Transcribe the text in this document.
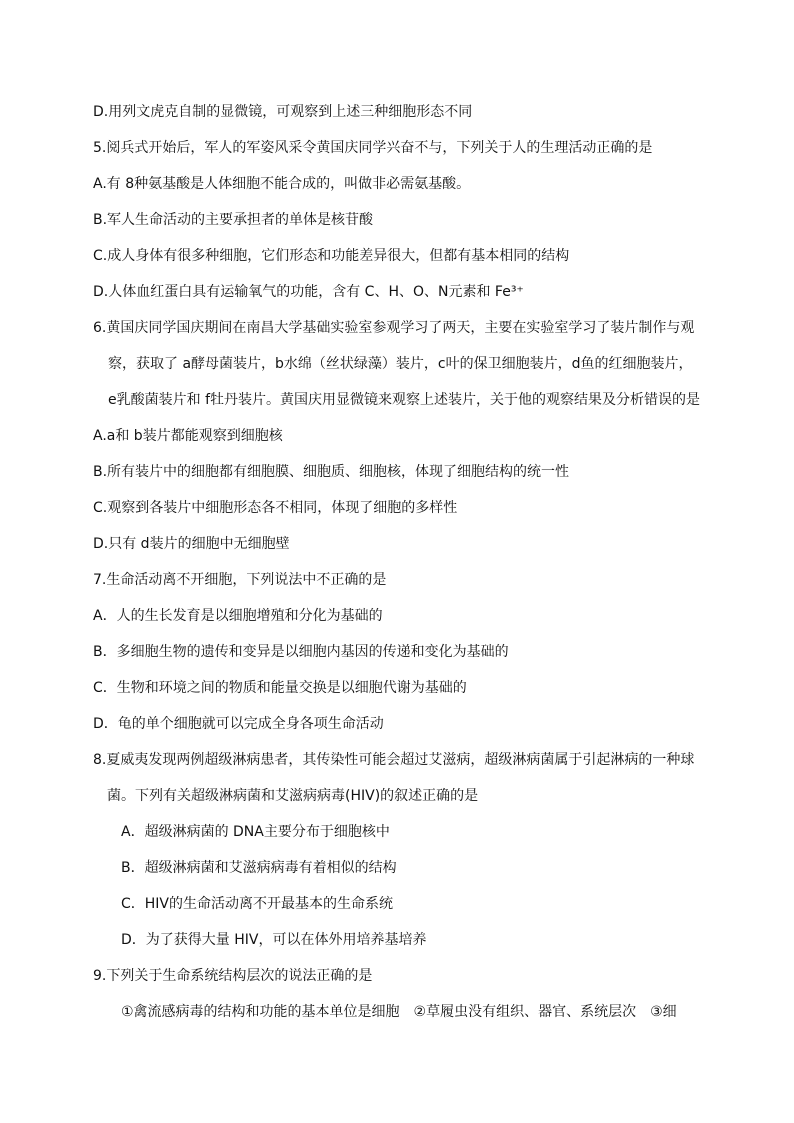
D.用列文虎克自制的显微镜，可观察到上述三种细胞形态不同
5.阅兵式开始后，军人的军姿风采令黄国庆同学兴奋不与，下列关于人的生理活动正确的是
A.有 8种氨基酸是人体细胞不能合成的，叫做非必需氨基酸。
B.军人生命活动的主要承担者的单体是核苷酸
C.成人身体有很多种细胞，它们形态和功能差异很大，但都有基本相同的结构
D.人体血红蛋白具有运输氧气的功能，含有 C、H、O、N元素和 Fe³⁺
6.黄国庆同学国庆期间在南昌大学基础实验室参观学习了两天，主要在实验室学习了装片制作与观
察，获取了 a酵母菌装片，b水绵（丝状绿藻）装片，c叶的保卫细胞装片，d鱼的红细胞装片，
e乳酸菌装片和 f牡丹装片。黄国庆用显微镜来观察上述装片，关于他的观察结果及分析错误的是
A.a和 b装片都能观察到细胞核
B.所有装片中的细胞都有细胞膜、细胞质、细胞核，体现了细胞结构的统一性
C.观察到各装片中细胞形态各不相同，体现了细胞的多样性
D.只有 d装片的细胞中无细胞壁
7.生命活动离不开细胞，下列说法中不正确的是
A．人的生长发育是以细胞增殖和分化为基础的
B．多细胞生物的遗传和变异是以细胞内基因的传递和变化为基础的
C．生物和环境之间的物质和能量交换是以细胞代谢为基础的
D．龟的单个细胞就可以完成全身各项生命活动
8.夏威夷发现两例超级淋病患者，其传染性可能会超过艾滋病，超级淋病菌属于引起淋病的一种球
菌。下列有关超级淋病菌和艾滋病病毒(HIV)的叙述正确的是
A．超级淋病菌的 DNA主要分布于细胞核中
B．超级淋病菌和艾滋病病毒有着相似的结构
C．HIV的生命活动离不开最基本的生命系统
D．为了获得大量 HIV，可以在体外用培养基培养
9.下列关于生命系统结构层次的说法正确的是
①禽流感病毒的结构和功能的基本单位是细胞　②草履虫没有组织、器官、系统层次　③细
